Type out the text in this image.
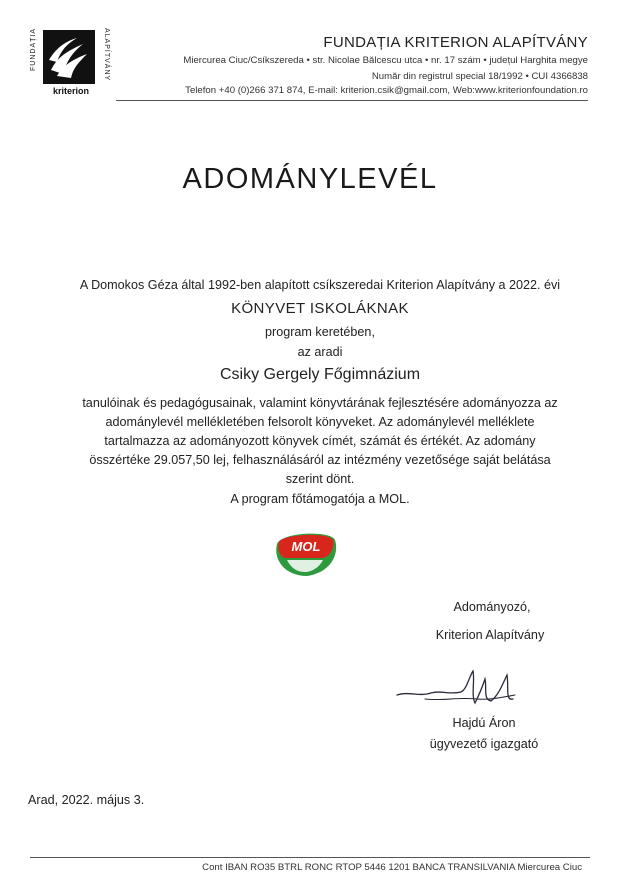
FUNDAȚIA
kriterion
ALAPÍTVÁNY	FUNDAȚIA KRITERION ALAPÍTVÁNY
Miercurea Ciuc/Csíkszereda • str. Nicolae Bălcescu utca • nr. 17 szám • județul Harghita megye
Număr din registrul special 18/1992 • CUI 4366838
Telefon +40 (0)266 371 874, E-mail: kriterion.csik@gmail.com, Web:www.kriterionfoundation.ro
ADOMÁNYLEVÉL
A Domokos Géza által 1992-ben alapított csíkszeredai Kriterion Alapítvány a 2022. évi
KÖNYVET ISKOLÁKNAK
program keretében,
az aradi
Csiky Gergely Főgimnázium
tanulóinak és pedagógusainak, valamint könyvtárának fejlesztésére adományozza az
adománylevél mellékletében felsorolt könyveket. Az adománylevél melléklete
tartalmazza az adományozott könyvek címét, számát és értékét. Az adomány
összértéke 29.057,50 lej, felhasználásáról az intézmény vezetősége saját belátása
szerint dönt.
A program főtámogatója a MOL.
MOL
Adományozó,
Kriterion Alapítvány
Hajdú Áron
ügyvezető igazgató
Arad, 2022. május 3.
Cont IBAN RO35 BTRL RONC RTOP 5446 1201 BANCA TRANSILVANIA Miercurea Ciuc
